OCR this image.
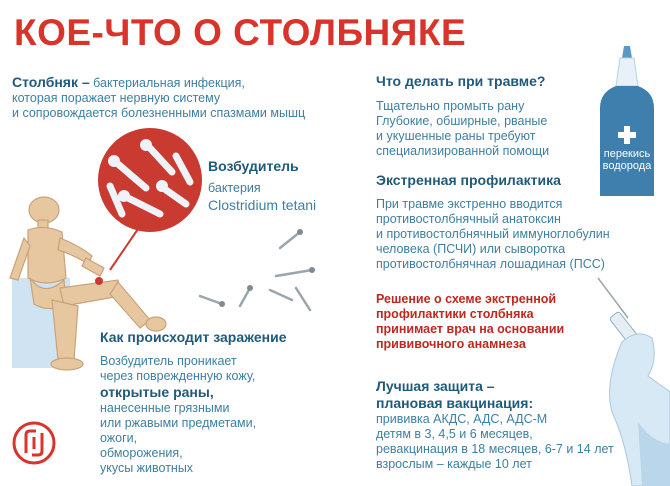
КОЕ-ЧТО О СТОЛБНЯКЕ
Столбняк – бактериальная инфекция,
которая поражает нервную систему
и сопровождается болезненными спазмами мышц
Возбудитель
бактерия
Clostridium tetani
Как происходит заражение
Возбудитель проникает
через поврежденную кожу,
открытые раны,
нанесенные грязными
или ржавыми предметами,
ожоги,
обморожения,
укусы животных
Что делать при травме?
Тщательно промыть рану
Глубокие, обширные, рваные
и укушенные раны требуют
специализированной помощи	перекись
водорода
Экстренная профилактика
При травме экстренно вводится
противостолбнячный анатоксин
и противостолбнячный иммуноглобулин
человека (ПСЧИ) или сыворотка
противостолбнячная лошадиная (ПСС)
Решение о схеме экстренной
профилактики столбняка
принимает врач на основании
прививочного анамнеза
Лучшая защита –
плановая вакцинация:
прививка АКДС, АДС, АДС-М
детям в 3, 4,5 и 6 месяцев,
ревакцинация в 18 месяцев, 6-7 и 14 лет
взрослым – каждые 10 лет
